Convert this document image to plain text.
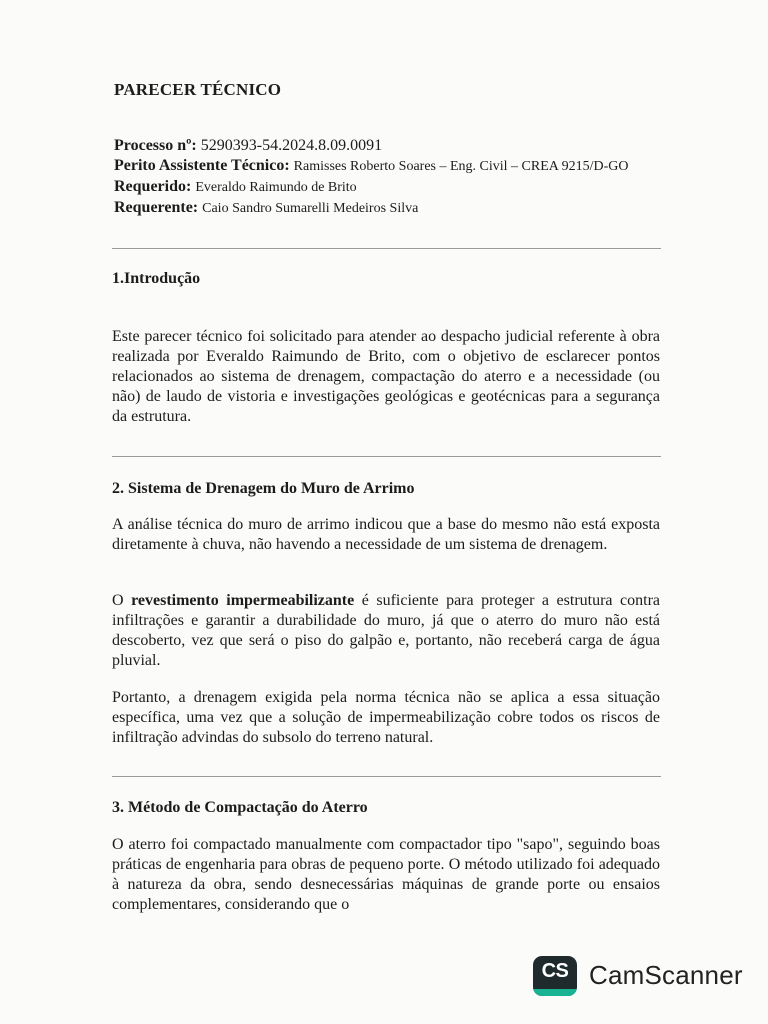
PARECER TÉCNICO
Processo nº: 5290393-54.2024.8.09.0091
Perito Assistente Técnico: Ramisses Roberto Soares – Eng. Civil – CREA 9215/D-GO
Requerido: Everaldo Raimundo de Brito
Requerente: Caio Sandro Sumarelli Medeiros Silva
1.Introdução
Este parecer técnico foi solicitado para atender ao despacho judicial referente à obra realizada por Everaldo Raimundo de Brito, com o objetivo de esclarecer pontos relacionados ao sistema de drenagem, compactação do aterro e a necessidade (ou não) de laudo de vistoria e investigações geológicas e geotécnicas para a segurança da estrutura.
2. Sistema de Drenagem do Muro de Arrimo
A análise técnica do muro de arrimo indicou que a base do mesmo não está exposta diretamente à chuva, não havendo a necessidade de um sistema de drenagem.
O revestimento impermeabilizante é suficiente para proteger a estrutura contra infiltrações e garantir a durabilidade do muro, já que o aterro do muro não está descoberto, vez que será o piso do galpão e, portanto, não receberá carga de água pluvial.
Portanto, a drenagem exigida pela norma técnica não se aplica a essa situação específica, uma vez que a solução de impermeabilização cobre todos os riscos de infiltração advindas do subsolo do terreno natural.
3. Método de Compactação do Aterro
O aterro foi compactado manualmente com compactador tipo "sapo", seguindo boas práticas de engenharia para obras de pequeno porte. O método utilizado foi adequado à natureza da obra, sendo desnecessárias máquinas de grande porte ou ensaios complementares, considerando que o
CS CamScanner
